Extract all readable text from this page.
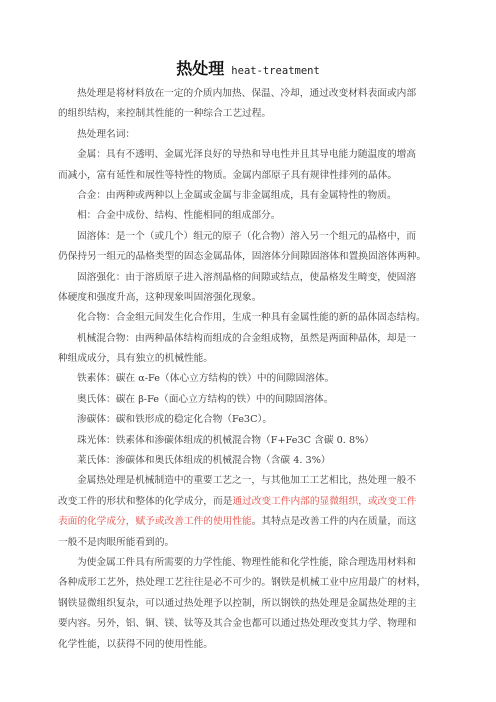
热处理 heat-treatment
热处理是将材料放在一定的介质内加热、保温、冷却，通过改变材料表面或内部
的组织结构，来控制其性能的一种综合工艺过程。
热处理名词：
金属：具有不透明、金属光泽良好的导热和导电性并且其导电能力随温度的增高
而减小，富有延性和展性等特性的物质。金属内部原子具有规律性排列的晶体。
合金：由两种或两种以上金属或金属与非金属组成，具有金属特性的物质。
相：合金中成份、结构、性能相同的组成部分。
固溶体：是一个（或几个）组元的原子（化合物）溶入另一个组元的晶格中，而
仍保持另一组元的晶格类型的固态金属晶体，固溶体分间隙固溶体和置换固溶体两种。
固溶强化：由于溶质原子进入溶剂晶格的间隙或结点，使晶格发生畸变，使固溶
体硬度和强度升高，这种现象叫固溶强化现象。
化合物：合金组元间发生化合作用，生成一种具有金属性能的新的晶体固态结构。
机械混合物：由两种晶体结构而组成的合金组成物，虽然是两面种晶体，却是一
种组成成分，具有独立的机械性能。
铁素体：碳在 α-Fe（体心立方结构的铁）中的间隙固溶体。
奥氏体：碳在 β-Fe（面心立方结构的铁）中的间隙固溶体。
渗碳体：碳和铁形成的稳定化合物（Fe3C）。
珠光体：铁素体和渗碳体组成的机械混合物（F+Fe3C 含碳 0. 8%）
莱氏体：渗碳体和奥氏体组成的机械混合物（含碳 4. 3%）
金属热处理是机械制造中的重要工艺之一，与其他加工工艺相比，热处理一般不
改变工件的形状和整体的化学成分，而是通过改变工件内部的显微组织，或改变工件
表面的化学成分，赋予或改善工件的使用性能。其特点是改善工件的内在质量，而这
一般不是肉眼所能看到的。
为使金属工件具有所需要的力学性能、物理性能和化学性能，除合理选用材料和
各种成形工艺外，热处理工艺往往是必不可少的。钢铁是机械工业中应用最广的材料，
钢铁显微组织复杂，可以通过热处理予以控制，所以钢铁的热处理是金属热处理的主
要内容。另外，铝、铜、镁、钛等及其合金也都可以通过热处理改变其力学、物理和
化学性能，以获得不同的使用性能。
